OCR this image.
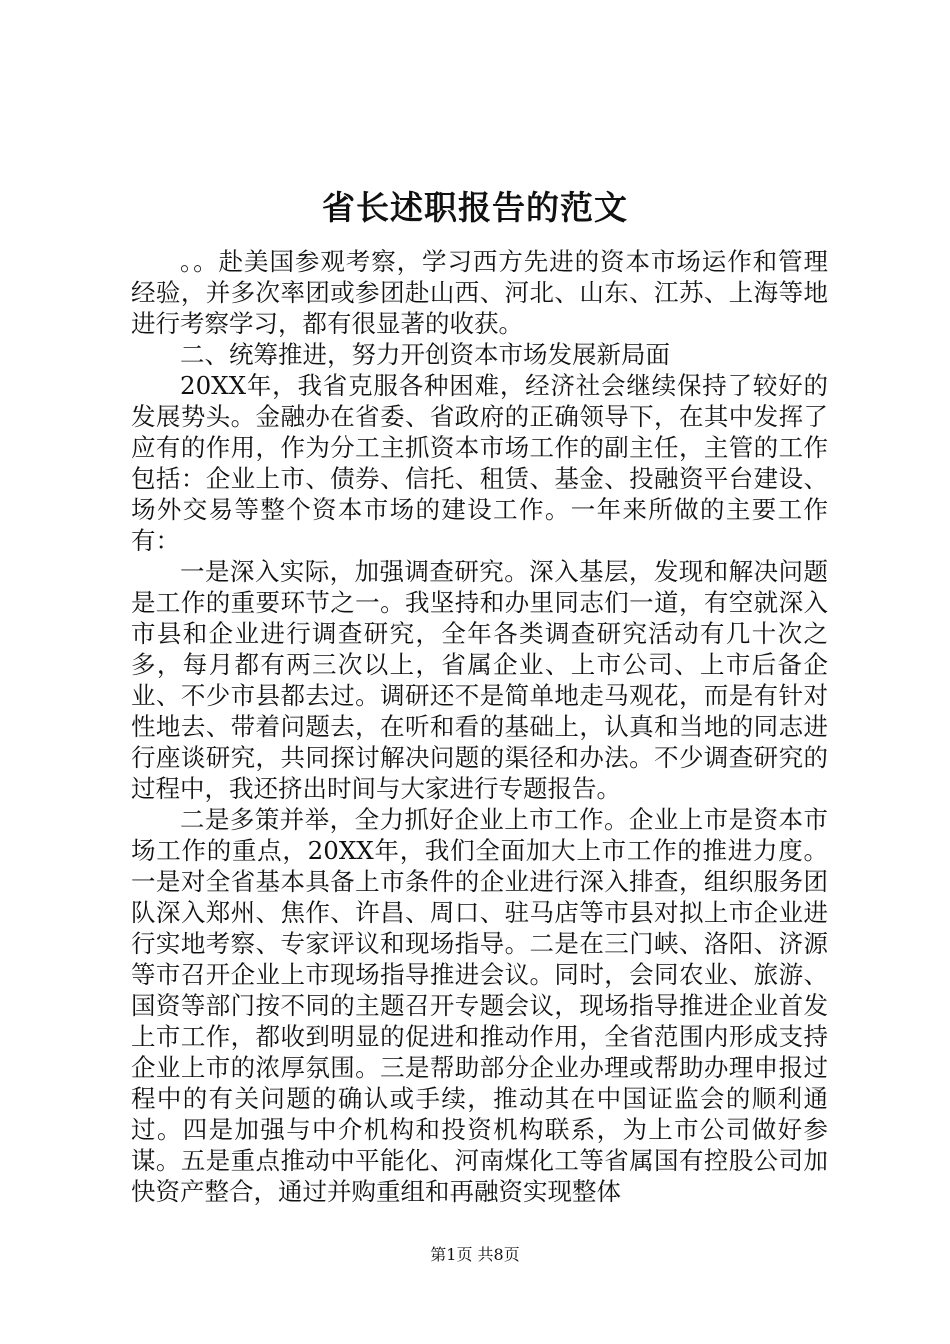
省长述职报告的范文

。。赴美国参观考察，学习西方先进的资本市场运作和管理经验，并多次率团或参团赴山西、河北、山东、江苏、上海等地进行考察学习，都有很显著的收获。

二、统筹推进，努力开创资本市场发展新局面

20XX年，我省克服各种困难，经济社会继续保持了较好的发展势头。金融办在省委、省政府的正确领导下，在其中发挥了应有的作用，作为分工主抓资本市场工作的副主任，主管的工作包括：企业上市、债券、信托、租赁、基金、投融资平台建设、场外交易等整个资本市场的建设工作。一年来所做的主要工作有：

一是深入实际，加强调查研究。深入基层，发现和解决问题是工作的重要环节之一。我坚持和办里同志们一道，有空就深入市县和企业进行调查研究，全年各类调查研究活动有几十次之多，每月都有两三次以上，省属企业、上市公司、上市后备企业、不少市县都去过。调研还不是简单地走马观花，而是有针对性地去、带着问题去，在听和看的基础上，认真和当地的同志进行座谈研究，共同探讨解决问题的渠径和办法。不少调查研究的过程中，我还挤出时间与大家进行专题报告。

二是多策并举，全力抓好企业上市工作。企业上市是资本市场工作的重点，20XX年，我们全面加大上市工作的推进力度。一是对全省基本具备上市条件的企业进行深入排查，组织服务团队深入郑州、焦作、许昌、周口、驻马店等市县对拟上市企业进行实地考察、专家评议和现场指导。二是在三门峡、洛阳、济源等市召开企业上市现场指导推进会议。同时，会同农业、旅游、国资等部门按不同的主题召开专题会议，现场指导推进企业首发上市工作，都收到明显的促进和推动作用，全省范围内形成支持企业上市的浓厚氛围。三是帮助部分企业办理或帮助办理申报过程中的有关问题的确认或手续，推动其在中国证监会的顺利通过。四是加强与中介机构和投资机构联系，为上市公司做好参谋。五是重点推动中平能化、河南煤化工等省属国有控股公司加快资产整合，通过并购重组和再融资实现整体

第1页 共8页
